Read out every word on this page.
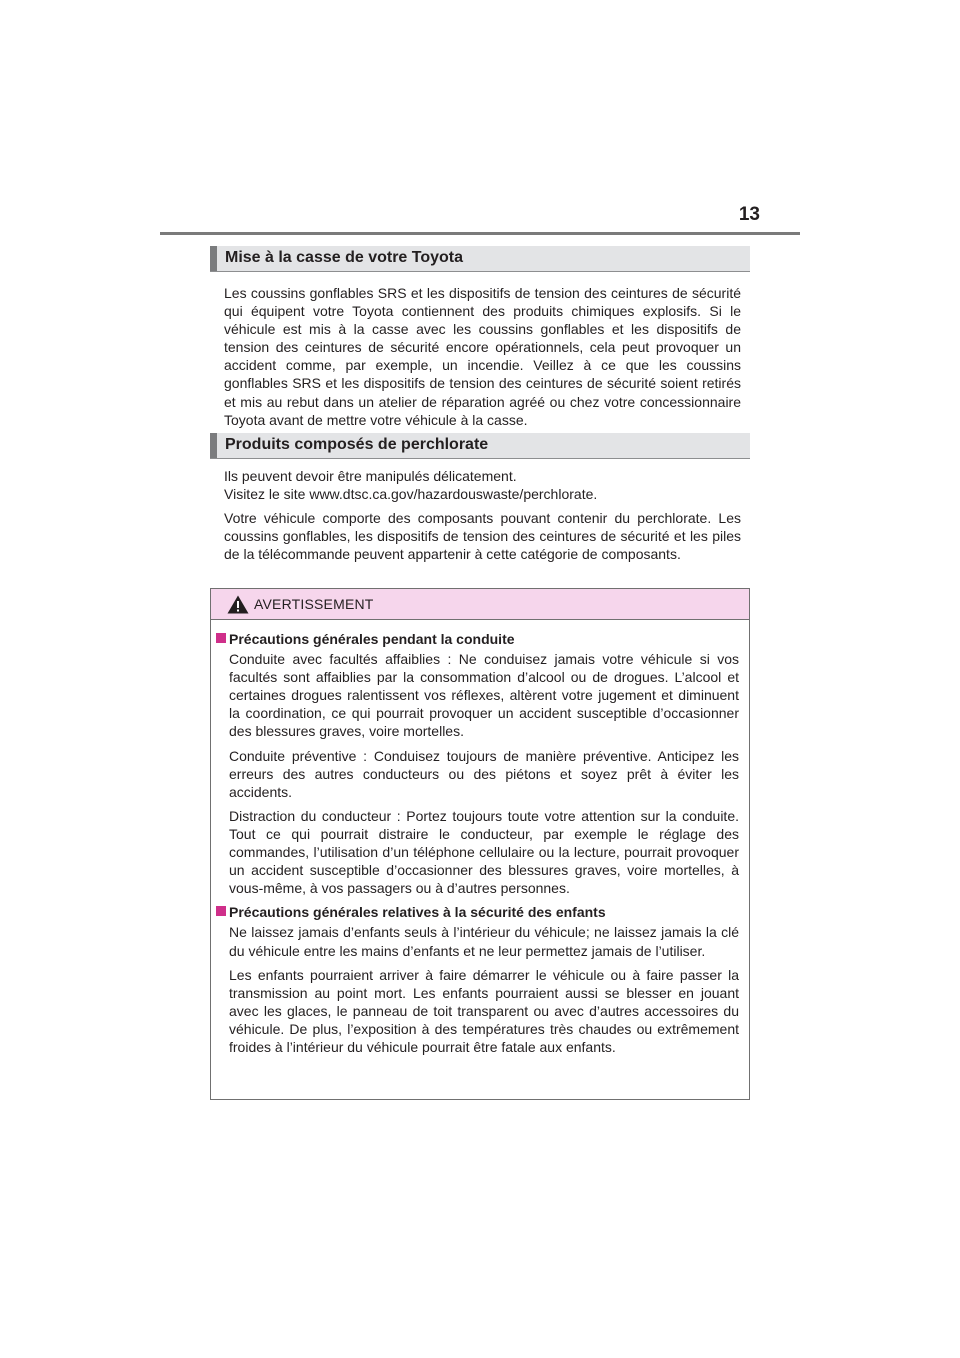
13
Mise à la casse de votre Toyota

Les coussins gonflables SRS et les dispositifs de tension des ceintures de sécurité qui équipent votre Toyota contiennent des produits chimiques explosifs. Si le véhicule est mis à la casse avec les coussins gonflables et les dispositifs de tension des ceintures de sécurité encore opérationnels, cela peut provoquer un accident comme, par exemple, un incendie. Veillez à ce que les coussins gonflables SRS et les dispositifs de tension des ceintures de sécurité soient retirés et mis au rebut dans un atelier de réparation agréé ou chez votre concessionnaire Toyota avant de mettre votre véhicule à la casse.

Produits composés de perchlorate

Ils peuvent devoir être manipulés délicatement.

Visitez le site www.dtsc.ca.gov/hazardouswaste/perchlorate.

Votre véhicule comporte des composants pouvant contenir du perchlorate. Les coussins gonflables, les dispositifs de tension des ceintures de sécurité et les piles de la télécommande peuvent appartenir à cette catégorie de composants.

AVERTISSEMENT
Précautions générales pendant la conduite

Conduite avec facultés affaiblies : Ne conduisez jamais votre véhicule si vos facultés sont affaiblies par la consommation d’alcool ou de drogues. L’alcool et certaines drogues ralentissent vos réflexes, altèrent votre jugement et diminuent la coordination, ce qui pourrait provoquer un accident susceptible d’occasionner des blessures graves, voire mortelles.

Conduite préventive : Conduisez toujours de manière préventive. Anticipez les erreurs des autres conducteurs ou des piétons et soyez prêt à éviter les accidents.

Distraction du conducteur : Portez toujours toute votre attention sur la conduite. Tout ce qui pourrait distraire le conducteur, par exemple le réglage des commandes, l’utilisation d’un téléphone cellulaire ou la lecture, pourrait provoquer un accident susceptible d’occasionner des blessures graves, voire mortelles, à vous-même, à vos passagers ou à d’autres personnes.

Précautions générales relatives à la sécurité des enfants

Ne laissez jamais d’enfants seuls à l’intérieur du véhicule; ne laissez jamais la clé du véhicule entre les mains d’enfants et ne leur permettez jamais de l’utiliser.

Les enfants pourraient arriver à faire démarrer le véhicule ou à faire passer la transmission au point mort. Les enfants pourraient aussi se blesser en jouant avec les glaces, le panneau de toit transparent ou avec d’autres accessoires du véhicule. De plus, l’exposition à des températures très chaudes ou extrêmement froides à l’intérieur du véhicule pourrait être fatale aux enfants.
